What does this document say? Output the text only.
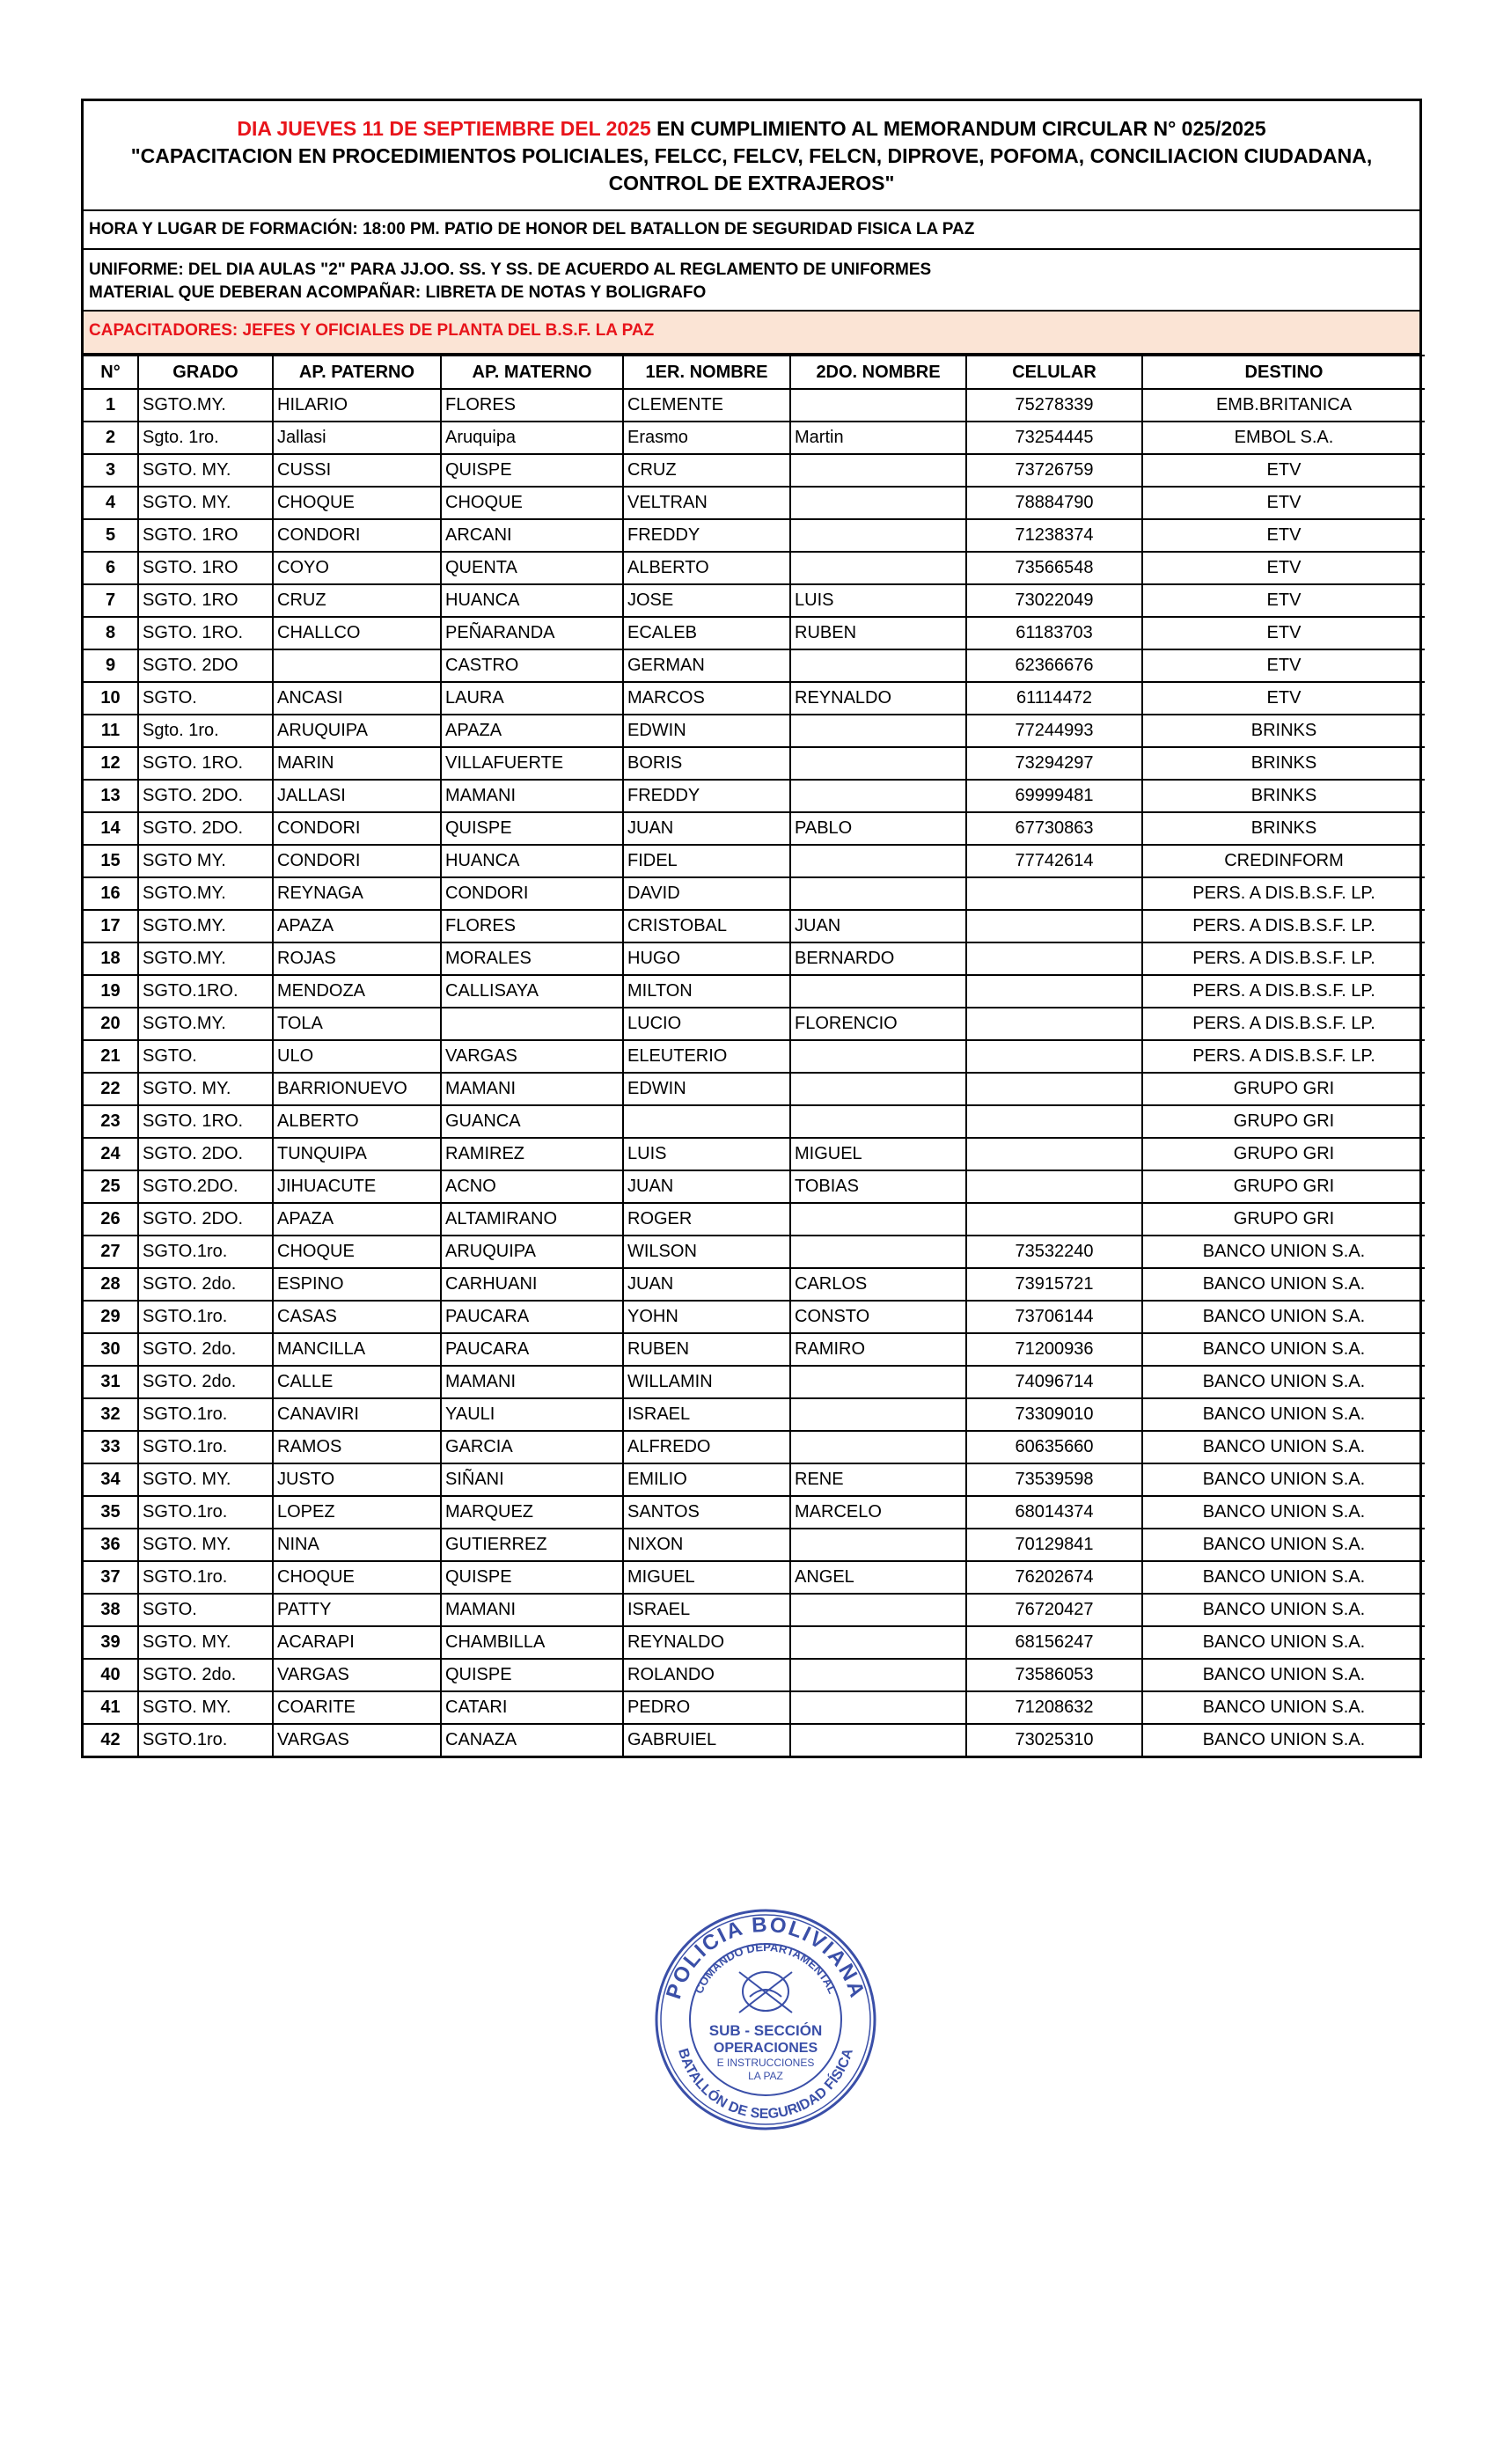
DIA JUEVES 11 DE SEPTIEMBRE DEL 2025 EN CUMPLIMIENTO AL MEMORANDUM CIRCULAR N° 025/2025
"CAPACITACION EN PROCEDIMIENTOS POLICIALES, FELCC, FELCV, FELCN, DIPROVE, POFOMA, CONCILIACION CIUDADANA, CONTROL DE EXTRAJEROS"
HORA Y LUGAR DE FORMACIÓN: 18:00 PM. PATIO DE HONOR DEL BATALLON DE SEGURIDAD FISICA LA PAZ
UNIFORME: DEL DIA AULAS "2" PARA JJ.OO. SS. Y SS. DE ACUERDO AL REGLAMENTO DE UNIFORMES
MATERIAL QUE DEBERAN ACOMPAÑAR: LIBRETA DE NOTAS Y BOLIGRAFO
CAPACITADORES: JEFES Y OFICIALES DE PLANTA DEL B.S.F. LA PAZ
N°	GRADO	AP. PATERNO	AP. MATERNO	1ER. NOMBRE	2DO. NOMBRE	CELULAR	DESTINO
1	SGTO.MY.	HILARIO	FLORES	CLEMENTE		75278339	EMB.BRITANICA
2	Sgto. 1ro.	Jallasi	Aruquipa	Erasmo	Martin	73254445	EMBOL S.A.
3	SGTO. MY.	CUSSI	QUISPE	CRUZ		73726759	ETV
4	SGTO. MY.	CHOQUE	CHOQUE	VELTRAN		78884790	ETV
5	SGTO. 1RO	CONDORI	ARCANI	FREDDY		71238374	ETV
6	SGTO. 1RO	COYO	QUENTA	ALBERTO		73566548	ETV
7	SGTO. 1RO	CRUZ	HUANCA	JOSE	LUIS	73022049	ETV
8	SGTO. 1RO.	CHALLCO	PEÑARANDA	ECALEB	RUBEN	61183703	ETV
9	SGTO. 2DO		CASTRO	GERMAN		62366676	ETV
10	SGTO.	ANCASI	LAURA	MARCOS	REYNALDO	61114472	ETV
11	Sgto. 1ro.	ARUQUIPA	APAZA	EDWIN		77244993	BRINKS
12	SGTO. 1RO.	MARIN	VILLAFUERTE	BORIS		73294297	BRINKS
13	SGTO. 2DO.	JALLASI	MAMANI	FREDDY		69999481	BRINKS
14	SGTO. 2DO.	CONDORI	QUISPE	JUAN	PABLO	67730863	BRINKS
15	SGTO MY.	CONDORI	HUANCA	FIDEL		77742614	CREDINFORM
16	SGTO.MY.	REYNAGA	CONDORI	DAVID			PERS. A DIS.B.S.F. LP.
17	SGTO.MY.	APAZA	FLORES	CRISTOBAL	JUAN		PERS. A DIS.B.S.F. LP.
18	SGTO.MY.	ROJAS	MORALES	HUGO	BERNARDO		PERS. A DIS.B.S.F. LP.
19	SGTO.1RO.	MENDOZA	CALLISAYA	MILTON			PERS. A DIS.B.S.F. LP.
20	SGTO.MY.	TOLA		LUCIO	FLORENCIO		PERS. A DIS.B.S.F. LP.
21	SGTO.	ULO	VARGAS	ELEUTERIO			PERS. A DIS.B.S.F. LP.
22	SGTO. MY.	BARRIONUEVO	MAMANI	EDWIN			GRUPO GRI
23	SGTO. 1RO.	ALBERTO	GUANCA				GRUPO GRI
24	SGTO. 2DO.	TUNQUIPA	RAMIREZ	LUIS	MIGUEL		GRUPO GRI
25	SGTO.2DO.	JIHUACUTE	ACNO	JUAN	TOBIAS		GRUPO GRI
26	SGTO. 2DO.	APAZA	ALTAMIRANO	ROGER			GRUPO GRI
27	SGTO.1ro.	CHOQUE	ARUQUIPA	WILSON		73532240	BANCO UNION S.A.
28	SGTO. 2do.	ESPINO	CARHUANI	JUAN	CARLOS	73915721	BANCO UNION S.A.
29	SGTO.1ro.	CASAS	PAUCARA	YOHN	CONSTO	73706144	BANCO UNION S.A.
30	SGTO. 2do.	MANCILLA	PAUCARA	RUBEN	RAMIRO	71200936	BANCO UNION S.A.
31	SGTO. 2do.	CALLE	MAMANI	WILLAMIN		74096714	BANCO UNION S.A.
32	SGTO.1ro.	CANAVIRI	YAULI	ISRAEL		73309010	BANCO UNION S.A.
33	SGTO.1ro.	RAMOS	GARCIA	ALFREDO		60635660	BANCO UNION S.A.
34	SGTO. MY.	JUSTO	SIÑANI	EMILIO	RENE	73539598	BANCO UNION S.A.
35	SGTO.1ro.	LOPEZ	MARQUEZ	SANTOS	MARCELO	68014374	BANCO UNION S.A.
36	SGTO. MY.	NINA	GUTIERREZ	NIXON		70129841	BANCO UNION S.A.
37	SGTO.1ro.	CHOQUE	QUISPE	MIGUEL	ANGEL	76202674	BANCO UNION S.A.
38	SGTO.	PATTY	MAMANI	ISRAEL		76720427	BANCO UNION S.A.
39	SGTO. MY.	ACARAPI	CHAMBILLA	REYNALDO		68156247	BANCO UNION S.A.
40	SGTO. 2do.	VARGAS	QUISPE	ROLANDO		73586053	BANCO UNION S.A.
41	SGTO. MY.	COARITE	CATARI	PEDRO		71208632	BANCO UNION S.A.
42	SGTO.1ro.	VARGAS	CANAZA	GABRUIEL		73025310	BANCO UNION S.A.
POLICIA BOLIVIANA
COMANDO DEPARTAMENTAL
BATALLÓN DE SEGURIDAD FÍSICA
SUB - SECCIÓN
OPERACIONES
E INSTRUCCIONES
LA PAZ
